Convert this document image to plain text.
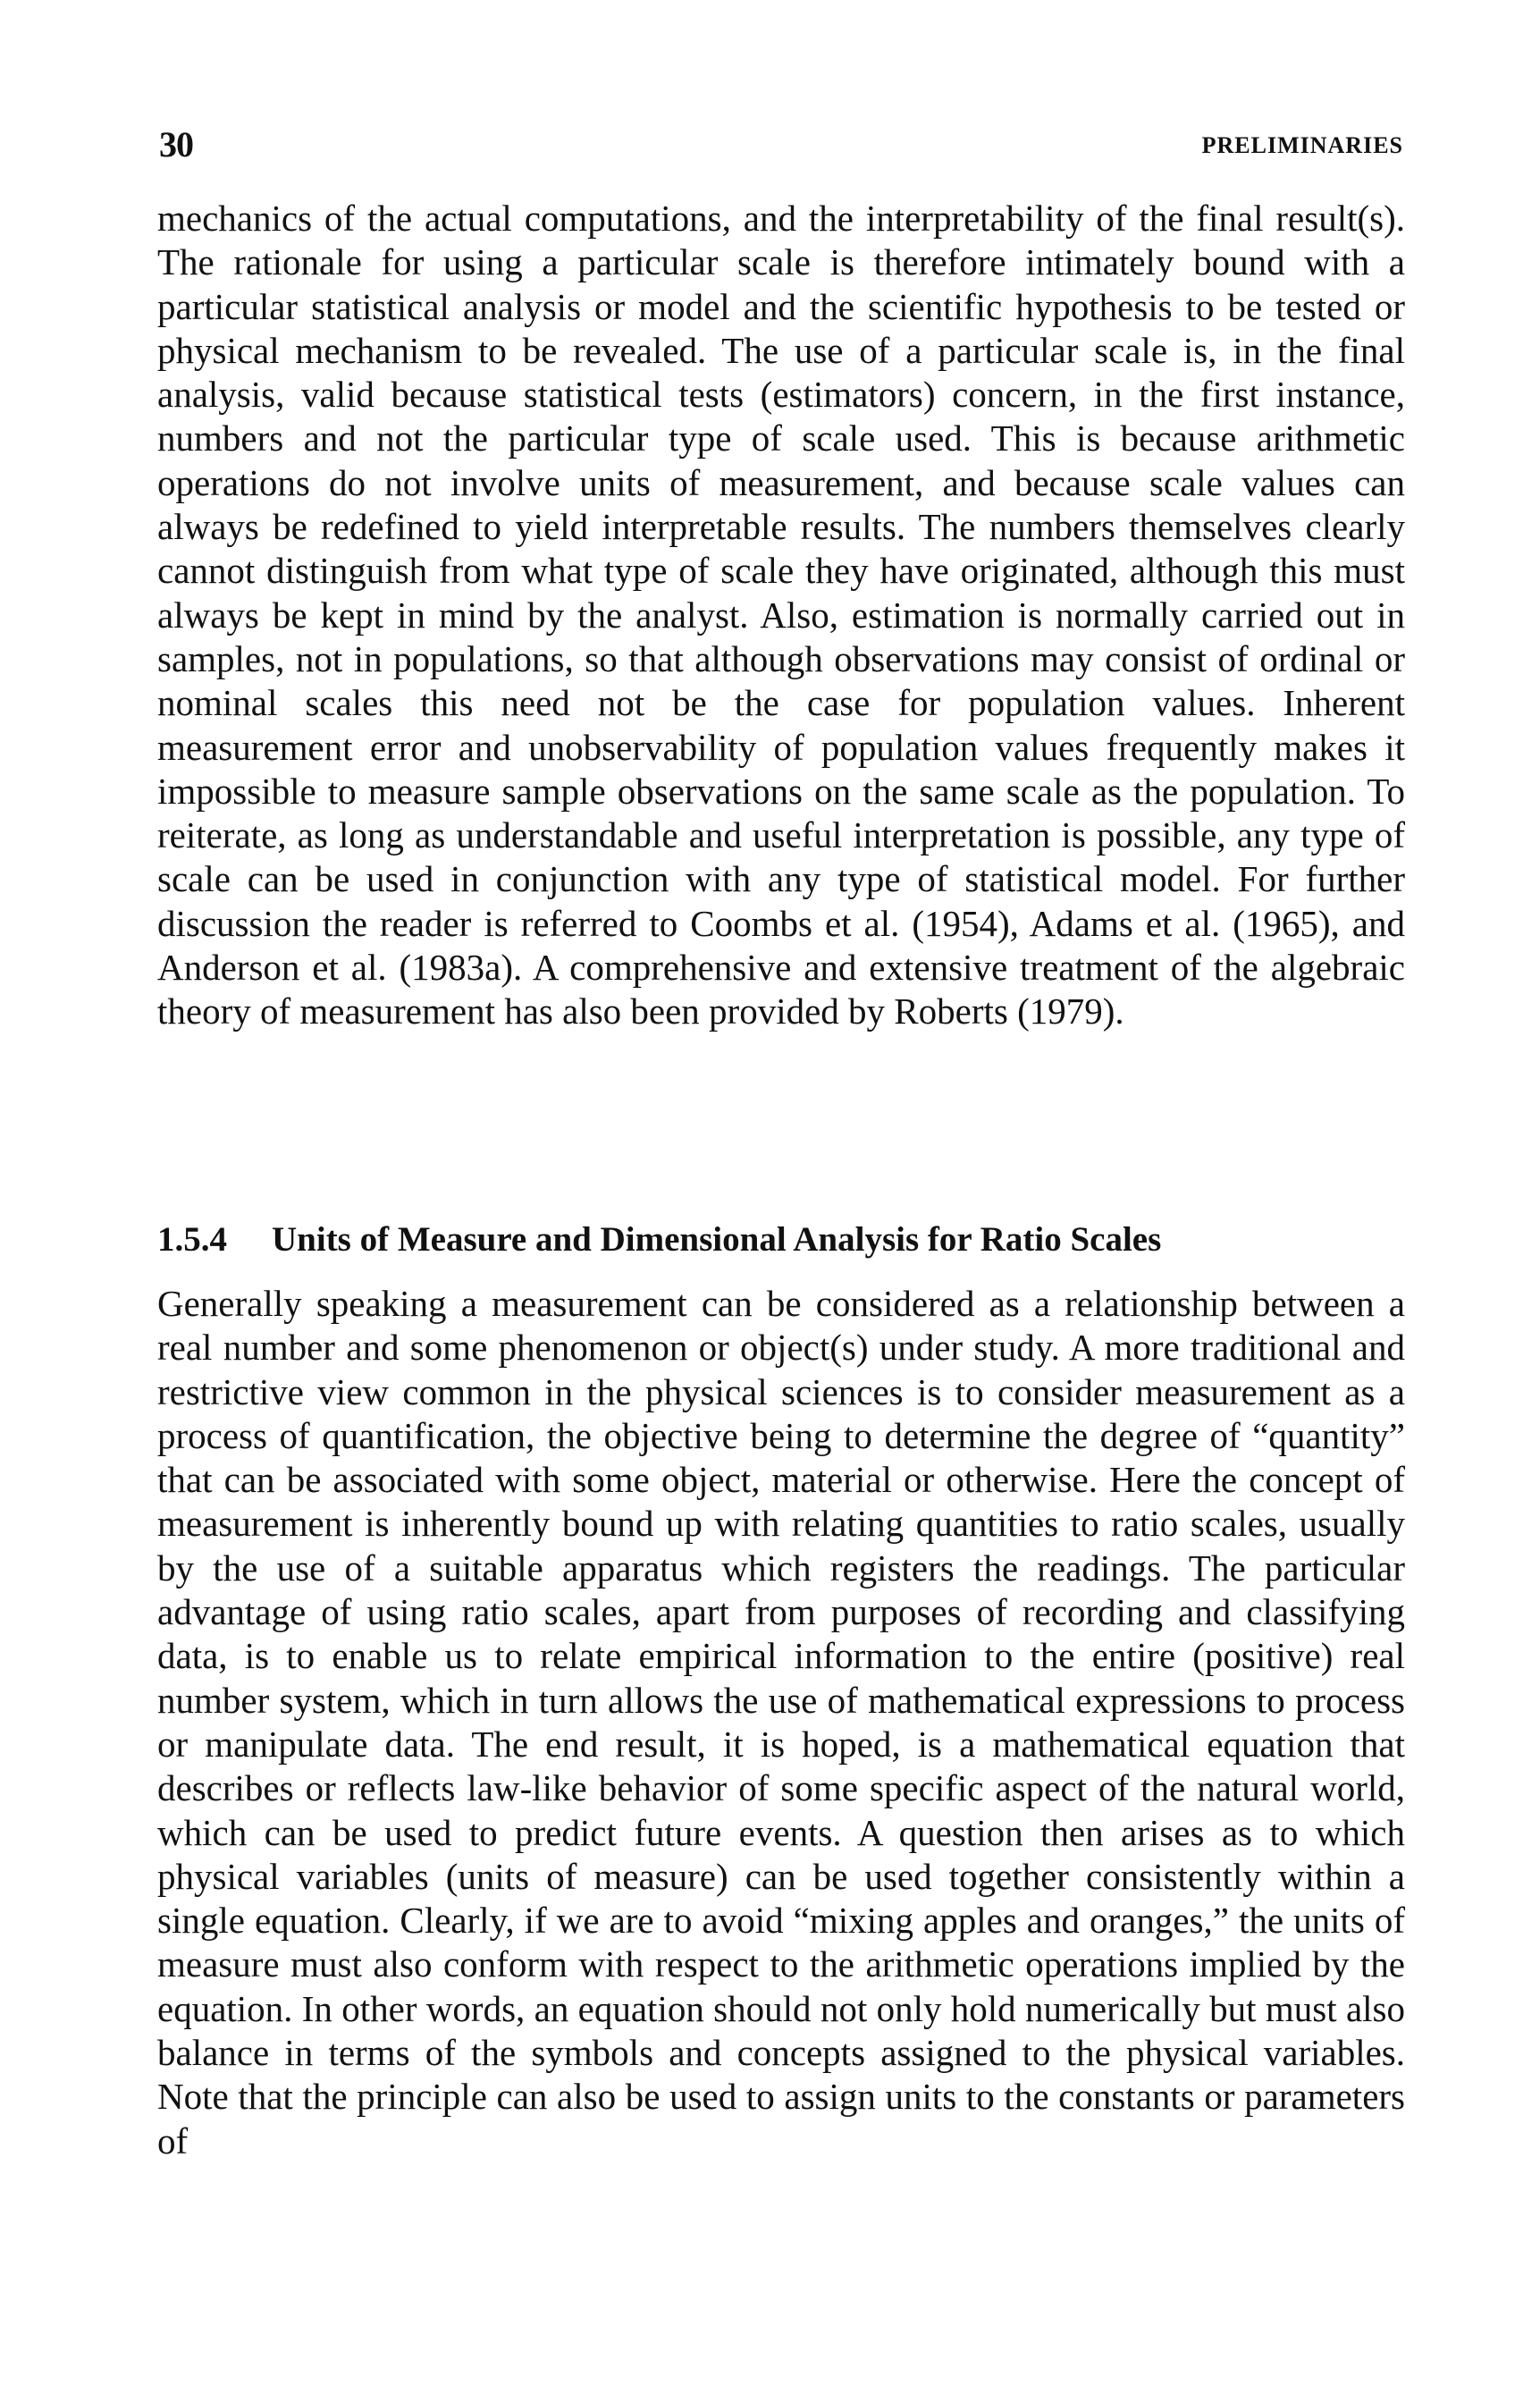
30	PRELIMINARIES

mechanics of the actual computations, and the interpretability of the final result(s). The rationale for using a particular scale is therefore intimately bound with a particular statistical analysis or model and the scientific hypothesis to be tested or physical mechanism to be revealed. The use of a particular scale is, in the final analysis, valid because statistical tests (estimators) concern, in the first instance, numbers and not the particular type of scale used. This is because arithmetic operations do not involve units of measurement, and because scale values can always be redefined to yield interpretable results. The numbers themselves clearly cannot distinguish from what type of scale they have originated, although this must always be kept in mind by the analyst. Also, estimation is normally carried out in samples, not in populations, so that although observations may consist of ordinal or nominal scales this need not be the case for population values. Inherent measurement error and unobservability of population values frequently makes it impossible to measure sample observations on the same scale as the population. To reiterate, as long as understandable and useful interpretation is possible, any type of scale can be used in conjunction with any type of statistical model. For further discussion the reader is referred to Coombs et al. (1954), Adams et al. (1965), and Anderson et al. (1983a). A comprehensive and extensive treatment of the algebraic theory of measurement has also been provided by Roberts (1979).

1.5.4 Units of Measure and Dimensional Analysis for Ratio Scales

Generally speaking a measurement can be considered as a relationship between a real number and some phenomenon or object(s) under study. A more traditional and restrictive view common in the physical sciences is to consider measurement as a process of quantification, the objective being to determine the degree of “quantity” that can be associated with some object, material or otherwise. Here the concept of measurement is inherently bound up with relating quantities to ratio scales, usually by the use of a suitable apparatus which registers the readings. The particular advantage of using ratio scales, apart from purposes of recording and classifying data, is to enable us to relate empirical information to the entire (positive) real number system, which in turn allows the use of mathematical expressions to process or manipulate data. The end result, it is hoped, is a mathematical equation that describes or reflects law-like behavior of some specific aspect of the natural world, which can be used to predict future events. A question then arises as to which physical variables (units of measure) can be used together consistently within a single equation. Clearly, if we are to avoid “mixing apples and oranges,” the units of measure must also conform with respect to the arithmetic operations implied by the equation. In other words, an equation should not only hold numerically but must also balance in terms of the symbols and concepts assigned to the physical variables. Note that the principle can also be used to assign units to the constants or parameters of
